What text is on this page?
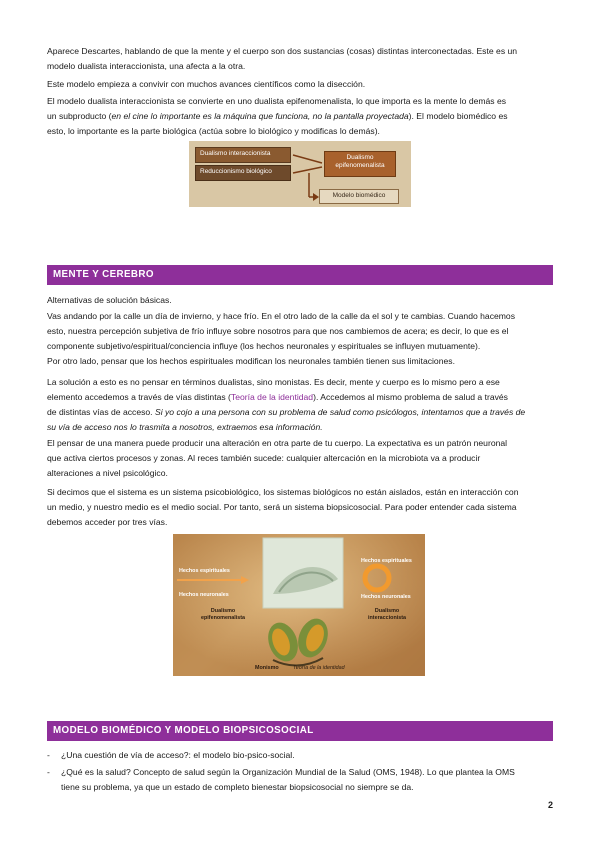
Aparece Descartes, hablando de que la mente y el cuerpo son dos sustancias (cosas) distintas interconectadas. Este es un
modelo dualista interaccionista, una afecta a la otra.
Este modelo empieza a convivir con muchos avances científicos como la disección.
El modelo dualista interaccionista se convierte en uno dualista epifenomenalista, lo que importa es la mente lo demás es
un subproducto (en el cine lo importante es la máquina que funciona, no la pantalla proyectada). El modelo biomédico es
esto, lo importante es la parte biológica (actúa sobre lo biológico y modificas lo demás).
Dualismo interaccionista
Reduccionismo biológico
Dualismo
epifenomenalista
Modelo biomédico
MENTE Y CEREBRO
Alternativas de solución básicas.
Vas andando por la calle un día de invierno, y hace frío. En el otro lado de la calle da el sol y te cambias. Cuando hacemos
esto, nuestra percepción subjetiva de frío influye sobre nosotros para que nos cambiemos de acera; es decir, lo que es el
componente subjetivo/espiritual/conciencia influye (los hechos neuronales y espirituales se influyen mutuamente).
Por otro lado, pensar que los hechos espirituales modifican los neuronales también tienen sus limitaciones.
La solución a esto es no pensar en términos dualistas, sino monistas. Es decir, mente y cuerpo es lo mismo pero a ese
elemento accedemos a través de vías distintas (Teoría de la identidad). Accedemos al mismo problema de salud a través
de distintas vías de acceso. Si yo cojo a una persona con su problema de salud como psicólogos, intentamos que a través de
su vía de acceso nos lo trasmita a nosotros, extraemos esa información.
El pensar de una manera puede producir una alteración en otra parte de tu cuerpo. La expectativa es un patrón neuronal
que activa ciertos procesos y zonas. Al reces también sucede: cualquier altercación en la microbiota va a producir
alteraciones a nivel psicológico.
Si decimos que el sistema es un sistema psicobiológico, los sistemas biológicos no están aislados, están en interacción con
un medio, y nuestro medio es el medio social. Por tanto, será un sistema biopsicosocial. Para poder entender cada sistema
debemos acceder por tres vías.
Hechos espirituales
Hechos neuronales
Dualismo
epifenomenalista
Hechos espirituales
Hechos neuronales
Dualismo
interaccionista
Monismo	Teoría de la identidad
MODELO BIOMÉDICO Y MODELO BIOPSICOSOCIAL
- ¿Una cuestión de vía de acceso?: el modelo bio-psico-social.
- ¿Qué es la salud? Concepto de salud según la Organización Mundial de la Salud (OMS, 1948). Lo que plantea la OMS
tiene su problema, ya que un estado de completo bienestar biopsicosocial no siempre se da.
2
